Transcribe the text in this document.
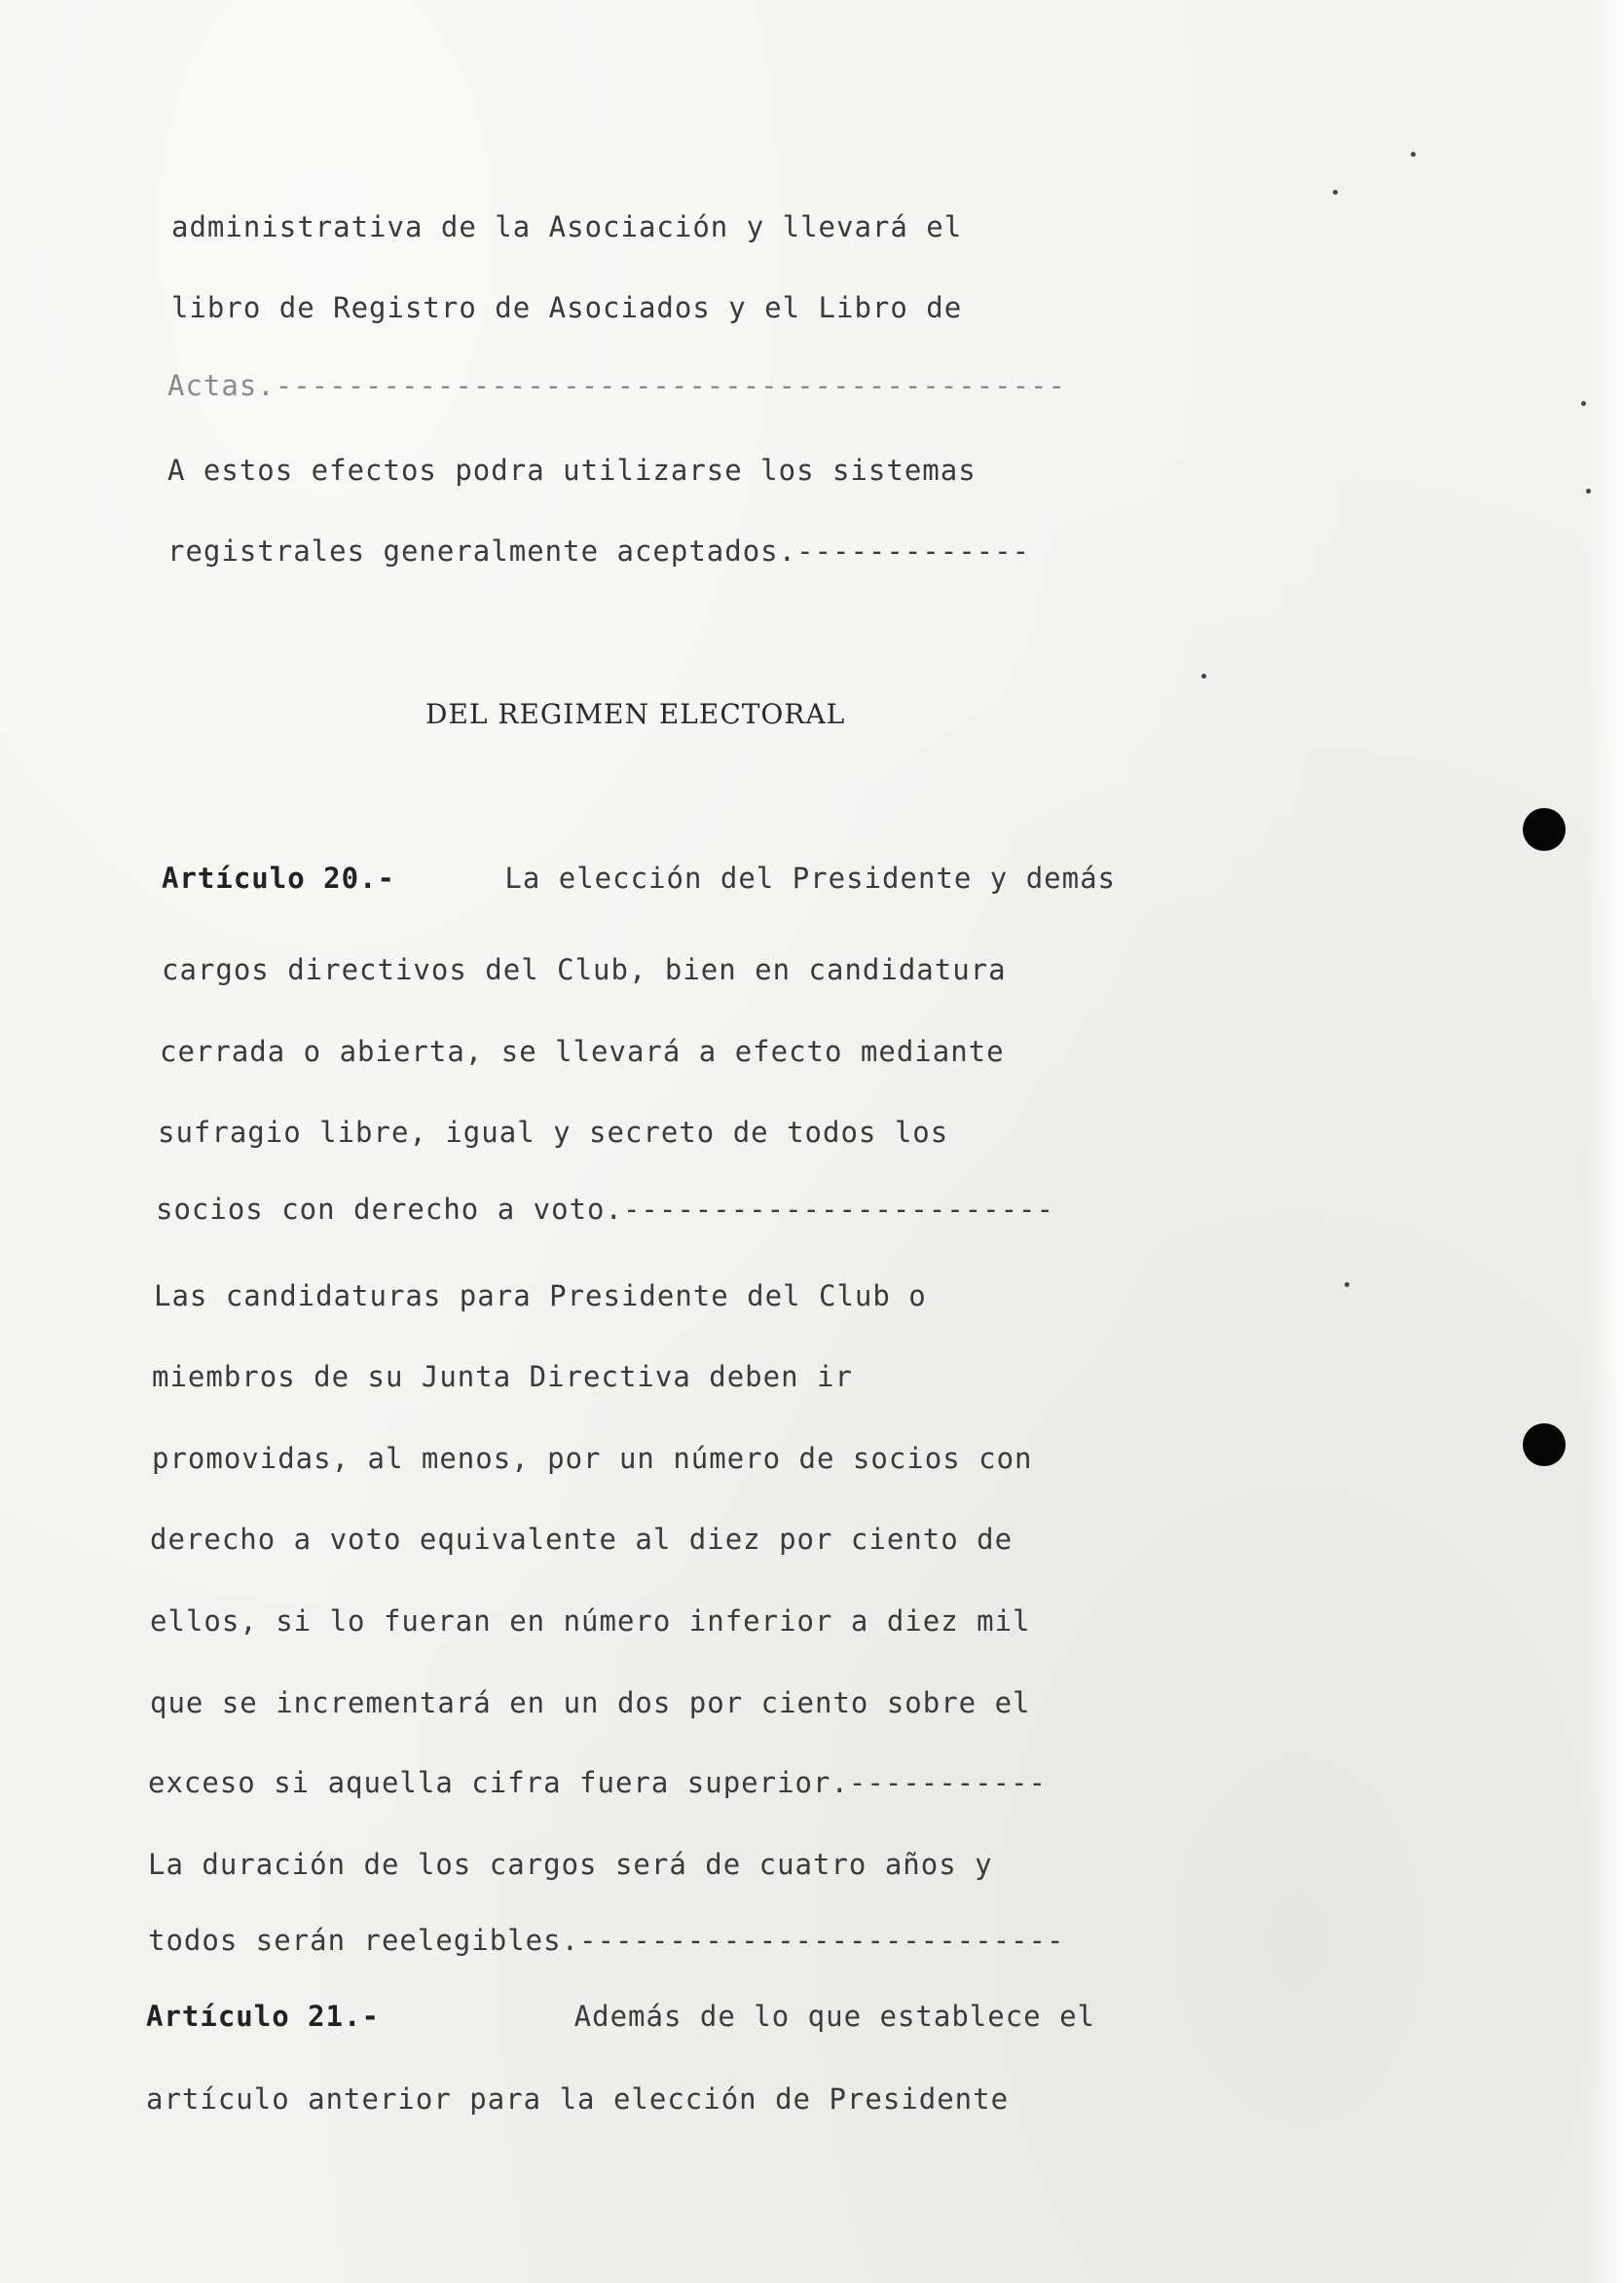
administrativa de la Asociación y llevará el
libro de Registro de Asociados y el Libro de
Actas.--------------------------------------------
A estos efectos podra utilizarse los sistemas
registrales generalmente aceptados.-------------
DEL REGIMEN ELECTORAL
Artículo 20.-	La elección del Presidente y demás
cargos directivos del Club, bien en candidatura
cerrada o abierta, se llevará a efecto mediante
sufragio libre, igual y secreto de todos los
socios con derecho a voto.------------------------
Las candidaturas para Presidente del Club o
miembros de su Junta Directiva deben ir
promovidas, al menos, por un número de socios con
derecho a voto equivalente al diez por ciento de
ellos, si lo fueran en número inferior a diez mil
que se incrementará en un dos por ciento sobre el
exceso si aquella cifra fuera superior.-----------
La duración de los cargos será de cuatro años y
todos serán reelegibles.---------------------------
Artículo 21.-	Además de lo que establece el
artículo anterior para la elección de Presidente
